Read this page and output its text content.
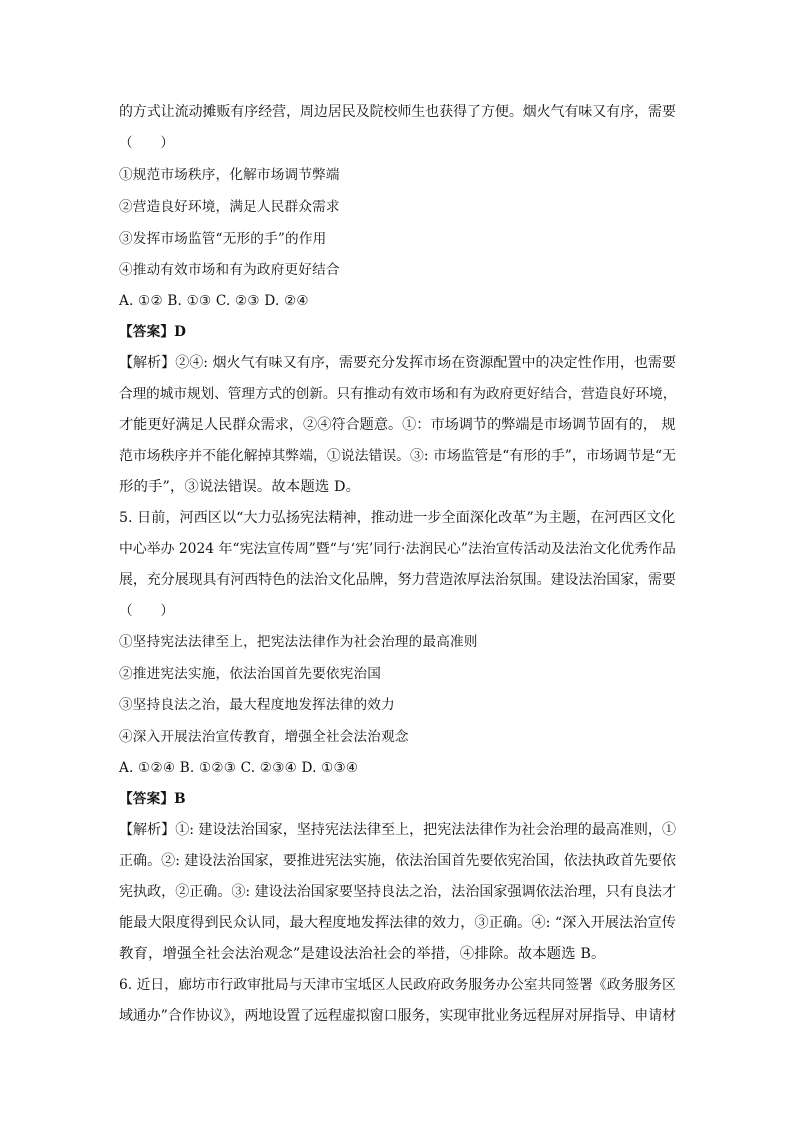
的方式让流动摊贩有序经营，周边居民及院校师生也获得了方便。烟火气有味又有序，需要
（　　）
①规范市场秩序，化解市场调节弊端
②营造良好环境，满足人民群众需求
③发挥市场监管“无形的手”的作用
④推动有效市场和有为政府更好结合
A. ①② B. ①③ C. ②③ D. ②④
【答案】D
【解析】②④: 烟火气有味又有序，需要充分发挥市场在资源配置中的决定性作用，也需要
合理的城市规划、管理方式的创新。只有推动有效市场和有为政府更好结合，营造良好环境，
才能更好满足人民群众需求，②④符合题意。①：市场调节的弊端是市场调节固有的， 规
范市场秩序并不能化解掉其弊端，①说法错误。③: 市场监管是“有形的手”，市场调节是“无
形的手”，③说法错误。故本题选 D。
5. 日前，河西区以“大力弘扬宪法精神，推动进一步全面深化改革”为主题，在河西区文化
中心举办 2024 年“宪法宣传周”暨“与‘宪’同行·法润民心”法治宣传活动及法治文化优秀作品
展，充分展现具有河西特色的法治文化品牌，努力营造浓厚法治氛围。建设法治国家，需要
（　　）
①坚持宪法法律至上，把宪法法律作为社会治理的最高准则
②推进宪法实施，依法治国首先要依宪治国
③坚持良法之治，最大程度地发挥法律的效力
④深入开展法治宣传教育，增强全社会法治观念
A. ①②④ B. ①②③ C. ②③④ D. ①③④
【答案】B
【解析】①: 建设法治国家，坚持宪法法律至上，把宪法法律作为社会治理的最高准则，①
正确。②: 建设法治国家，要推进宪法实施，依法治国首先要依宪治国，依法执政首先要依
宪执政，②正确。③: 建设法治国家要坚持良法之治，法治国家强调依法治理，只有良法才
能最大限度得到民众认同，最大程度地发挥法律的效力，③正确。④: “深入开展法治宣传
教育，增强全社会法治观念”是建设法治社会的举措，④排除。故本题选 B。
6. 近日，廊坊市行政审批局与天津市宝坻区人民政府政务服务办公室共同签署《政务服务区
域通办”合作协议》，两地设置了远程虚拟窗口服务，实现审批业务远程屏对屏指导、申请材
